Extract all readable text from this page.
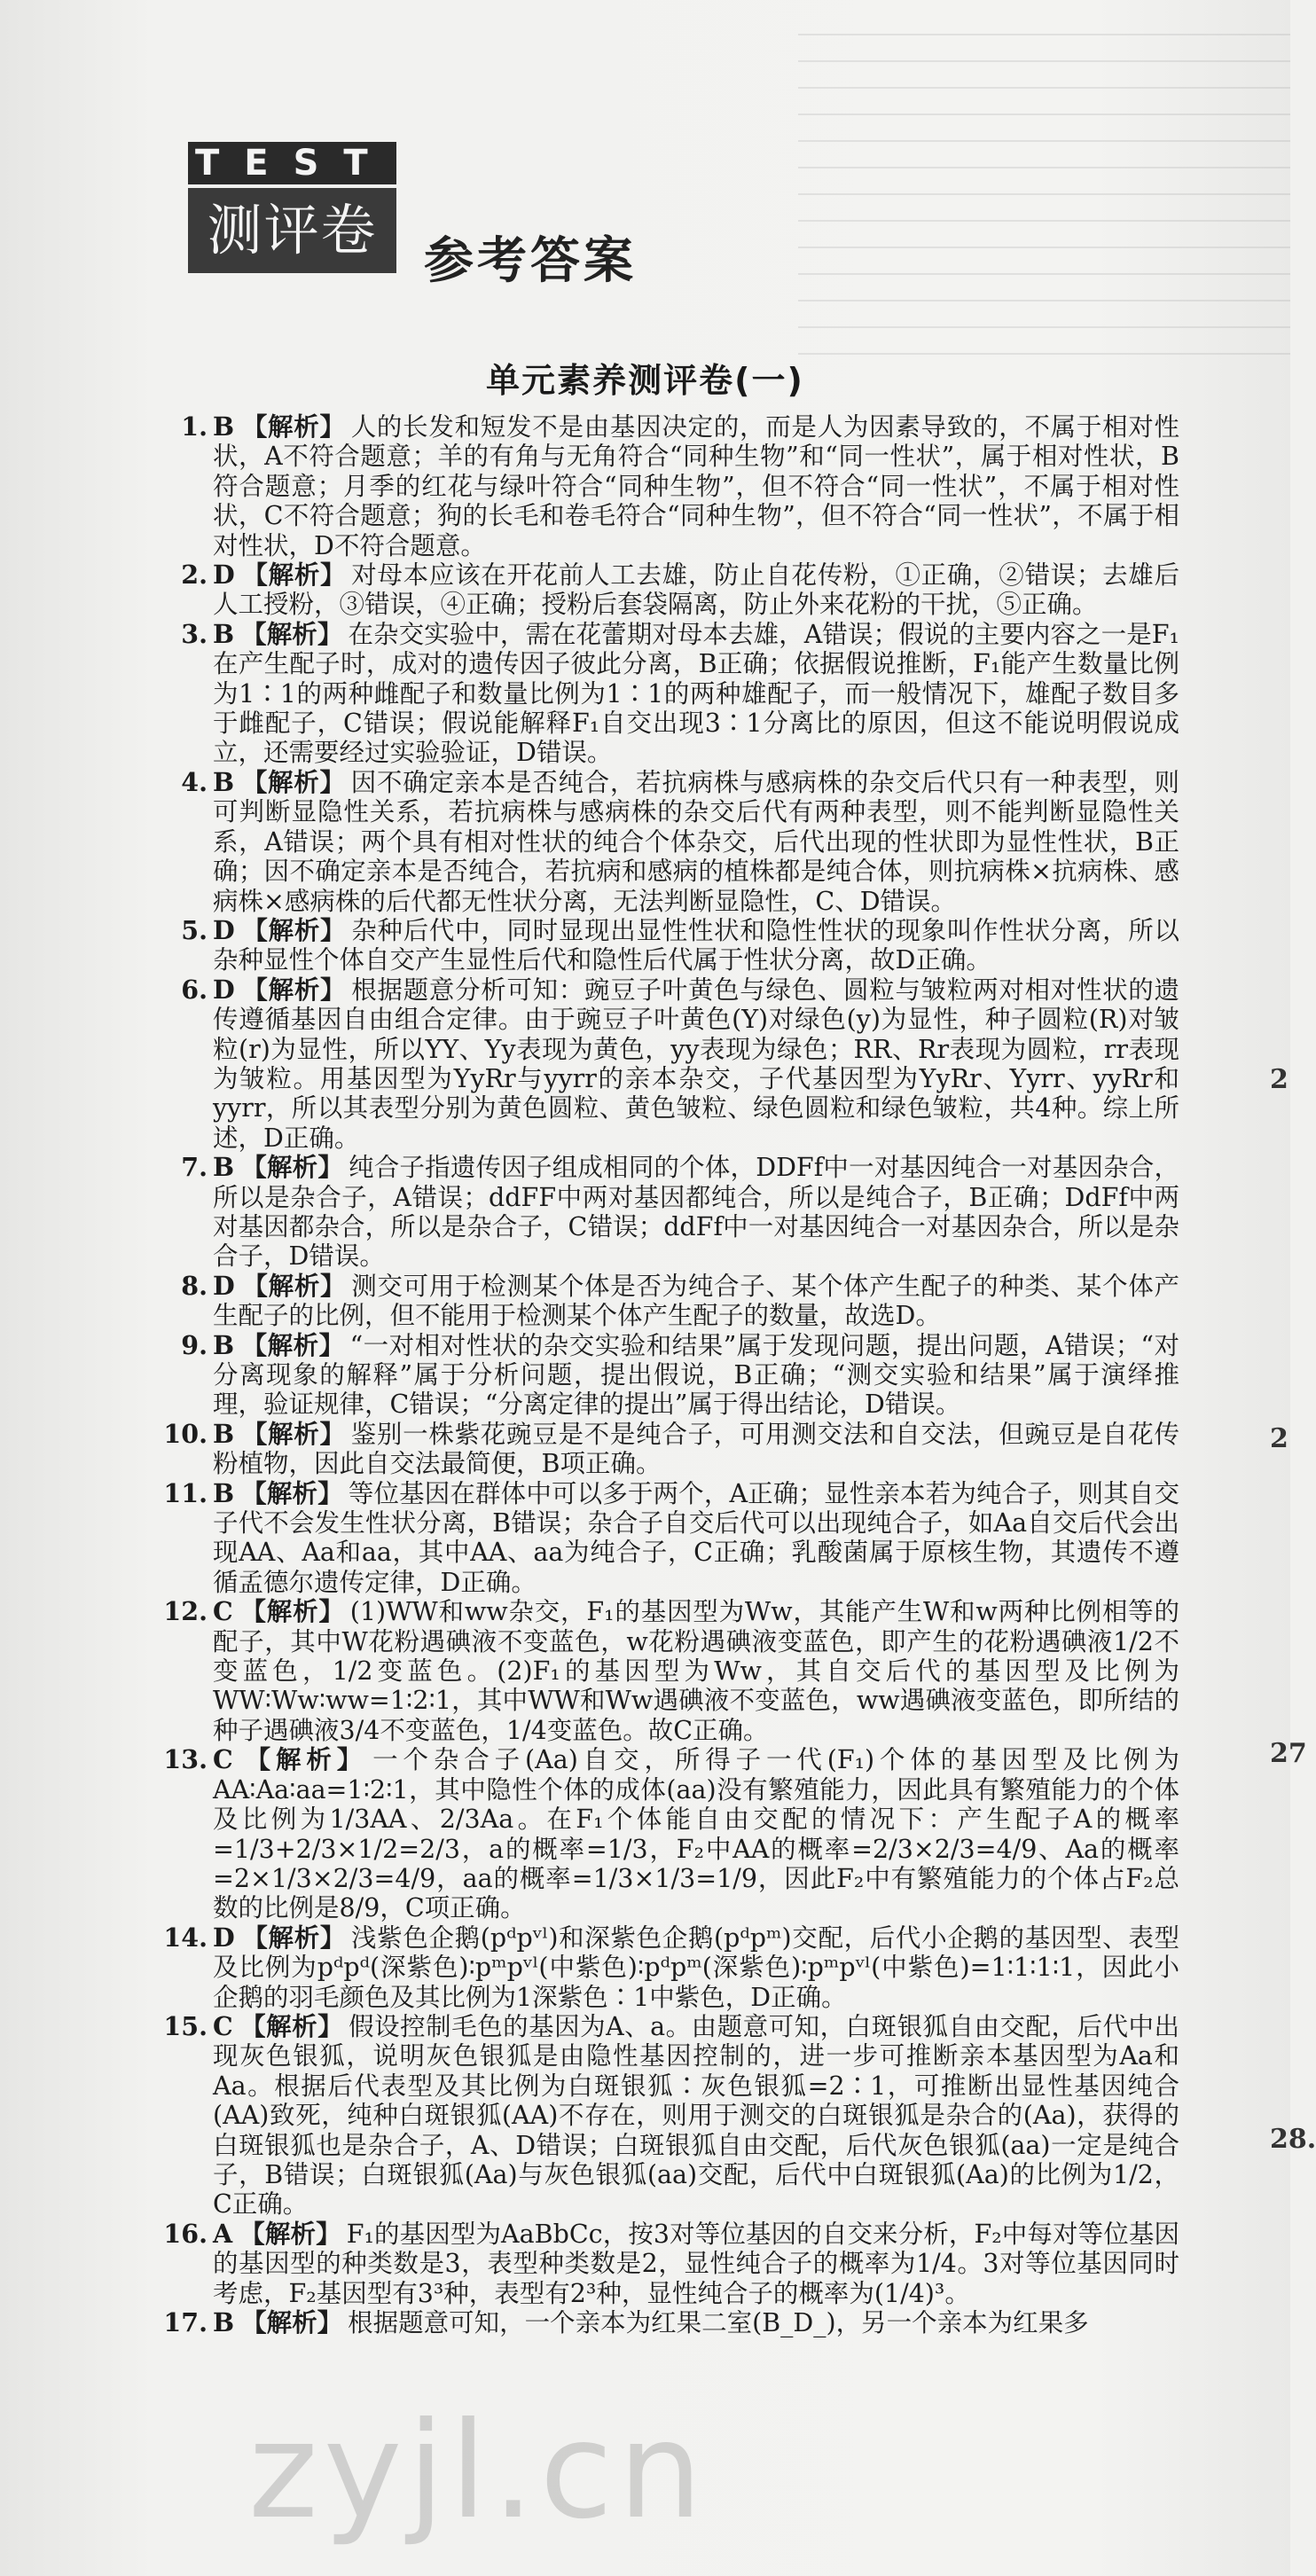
TEST
测评卷 参考答案
单元素养测评卷(一)

1. B 【解析】 人的长发和短发不是由基因决定的，而是人为因素导致的，不属于相对性状，A不符合题意；羊的有角与无角符合“同种生物”和“同一性状”，属于相对性状，B符合题意；月季的红花与绿叶符合“同种生物”，但不符合“同一性状”，不属于相对性状，C不符合题意；狗的长毛和卷毛符合“同种生物”，但不符合“同一性状”，不属于相对性状，D不符合题意。

2. D 【解析】 对母本应该在开花前人工去雄，防止自花传粉，①正确，②错误；去雄后人工授粉，③错误，④正确；授粉后套袋隔离，防止外来花粉的干扰，⑤正确。

3. B 【解析】 在杂交实验中，需在花蕾期对母本去雄，A错误；假说的主要内容之一是F₁在产生配子时，成对的遗传因子彼此分离，B正确；依据假说推断，F₁能产生数量比例为1∶1的两种雌配子和数量比例为1∶1的两种雄配子，而一般情况下，雄配子数目多于雌配子，C错误；假说能解释F₁自交出现3∶1分离比的原因，但这不能说明假说成立，还需要经过实验验证，D错误。

4. B 【解析】 因不确定亲本是否纯合，若抗病株与感病株的杂交后代只有一种表型，则可判断显隐性关系，若抗病株与感病株的杂交后代有两种表型，则不能判断显隐性关系，A错误；两个具有相对性状的纯合个体杂交，后代出现的性状即为显性性状，B正确；因不确定亲本是否纯合，若抗病和感病的植株都是纯合体，则抗病株×抗病株、感病株×感病株的后代都无性状分离，无法判断显隐性，C、D错误。

5. D 【解析】 杂种后代中，同时显现出显性性状和隐性性状的现象叫作性状分离，所以杂种显性个体自交产生显性后代和隐性后代属于性状分离，故D正确。

6. D 【解析】 根据题意分析可知：豌豆子叶黄色与绿色、圆粒与皱粒两对相对性状的遗传遵循基因自由组合定律。由于豌豆子叶黄色(Y)对绿色(y)为显性，种子圆粒(R)对皱粒(r)为显性，所以YY、Yy表现为黄色，yy表现为绿色；RR、Rr表现为圆粒，rr表现为皱粒。用基因型为YyRr与yyrr的亲本杂交，子代基因型为YyRr、Yyrr、yyRr和yyrr，所以其表型分别为黄色圆粒、黄色皱粒、绿色圆粒和绿色皱粒，共4种。综上所述，D正确。

7. B 【解析】 纯合子指遗传因子组成相同的个体，DDFf中一对基因纯合一对基因杂合，所以是杂合子，A错误；ddFF中两对基因都纯合，所以是纯合子，B正确；DdFf中两对基因都杂合，所以是杂合子，C错误；ddFf中一对基因纯合一对基因杂合，所以是杂合子，D错误。

8. D 【解析】 测交可用于检测某个体是否为纯合子、某个体产生配子的种类、某个体产生配子的比例，但不能用于检测某个体产生配子的数量，故选D。

9. B 【解析】 “一对相对性状的杂交实验和结果”属于发现问题，提出问题，A错误；“对分离现象的解释”属于分析问题，提出假说，B正确；“测交实验和结果”属于演绎推理，验证规律，C错误；“分离定律的提出”属于得出结论，D错误。

10. B 【解析】 鉴别一株紫花豌豆是不是纯合子，可用测交法和自交法，但豌豆是自花传粉植物，因此自交法最简便，B项正确。

11. B 【解析】 等位基因在群体中可以多于两个，A正确；显性亲本若为纯合子，则其自交子代不会发生性状分离，B错误；杂合子自交后代可以出现纯合子，如Aa自交后代会出现AA、Aa和aa，其中AA、aa为纯合子，C正确；乳酸菌属于原核生物，其遗传不遵循孟德尔遗传定律，D正确。

12. C 【解析】 (1)WW和ww杂交，F₁的基因型为Ww，其能产生W和w两种比例相等的配子，其中W花粉遇碘液不变蓝色，w花粉遇碘液变蓝色，即产生的花粉遇碘液1/2不变蓝色，1/2变蓝色。(2)F₁的基因型为Ww，其自交后代的基因型及比例为WW∶Ww∶ww=1∶2∶1，其中WW和Ww遇碘液不变蓝色，ww遇碘液变蓝色，即所结的种子遇碘液3/4不变蓝色，1/4变蓝色。故C正确。

13. C 【解析】 一个杂合子(Aa)自交，所得子一代(F₁)个体的基因型及比例为AA∶Aa∶aa=1∶2∶1，其中隐性个体的成体(aa)没有繁殖能力，因此具有繁殖能力的个体及比例为1/3AA、2/3Aa。在F₁个体能自由交配的情况下：产生配子A的概率=1/3+2/3×1/2=2/3，a的概率=1/3，F₂中AA的概率=2/3×2/3=4/9、Aa的概率=2×1/3×2/3=4/9，aa的概率=1/3×1/3=1/9，因此F₂中有繁殖能力的个体占F₂总数的比例是8/9，C项正确。

14. D 【解析】 浅紫色企鹅(pᵈpᵛˡ)和深紫色企鹅(pᵈpᵐ)交配，后代小企鹅的基因型、表型及比例为pᵈpᵈ(深紫色)∶pᵐpᵛˡ(中紫色)∶pᵈpᵐ(深紫色)∶pᵐpᵛˡ(中紫色)=1∶1∶1∶1，因此小企鹅的羽毛颜色及其比例为1深紫色∶1中紫色，D正确。

15. C 【解析】 假设控制毛色的基因为A、a。由题意可知，白斑银狐自由交配，后代中出现灰色银狐，说明灰色银狐是由隐性基因控制的，进一步可推断亲本基因型为Aa和Aa。根据后代表型及其比例为白斑银狐∶灰色银狐=2∶1，可推断出显性基因纯合(AA)致死，纯种白斑银狐(AA)不存在，则用于测交的白斑银狐是杂合的(Aa)，获得的白斑银狐也是杂合子，A、D错误；白斑银狐自由交配，后代灰色银狐(aa)一定是纯合子，B错误；白斑银狐(Aa)与灰色银狐(aa)交配，后代中白斑银狐(Aa)的比例为1/2，C正确。

16. A 【解析】 F₁的基因型为AaBbCc，按3对等位基因的自交来分析，F₂中每对等位基因的基因型的种类数是3，表型种类数是2，显性纯合子的概率为1/4。3对等位基因同时考虑，F₂基因型有3³种，表型有2³种，显性纯合子的概率为(1/4)³。

17. B 【解析】 根据题意可知，一个亲本为红果二室(B_D_)，另一个亲本为红果多

zyjl.cn
2
2
27
28.
